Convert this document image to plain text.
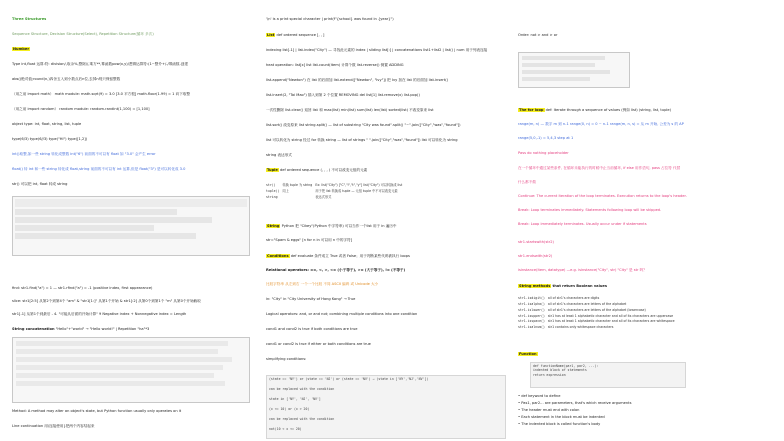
Three Structures
Sequence Structure, Decision Structure(Select), Repetition Structure(循环 多次)
Number
Type int,float 运算:符: division/,取余%,整除//,乘方**,幂函数pow(x,y)/逻辑运算符:(1~整介+/-/幂函数-创建
abs()绝对值;round(n,)四舍五入到小数点后n位,去掉n则只保留整数
（用之前 import math） math module: math.sqrt(9) = 3.0 [3.0 平方根] math.floor(1.99) = 1 向下取整
（用之前 import random） random module: random.randint(1,100) = [1,100]
object type: int, float, string, list, tuple
type(6/3) type(6//3) type("Hi") type([1,2])
int()取整,如一些 string 转化成整数 int("6") 前面的不可以有 float 如 "3.0" 会产生 error
float() 转 int 和一些 string 转化成 float,string 前面的不可以有 int 运算,但是 float("3") 是可以转化成 3.0
str() 可以把 int, float 转成 string
find: str1.find("a") = 1 — str1.rfind("a") = -1 (positive index, first appearance)
slice: str1[2:5] 从第2个到第4个 "am" & "str1[1:]" 从第1个开始 & str1[:2] 从第0个到第1个 "m" 从第0个开始截取
str1[-1] 从第1个到最后 - 4. "可能从后面的开始计算" 9 Negative index + Nonnegative index = Length
String concatenation "Hello"+"world" → "Hello world!" | Repetition "ha"*3
Method: A method may alter an object's state, but Python function usually only operates on it
Line continuation 用\连接使用}把两个内容结起来
'\n' is a print special character | print(f"{school} was found in {year}")
List def ordered sequence [, , ]
indexing list[-1] | list.index("City") — 寻找此元素的 index | sliding list[:] | concatenations list1+list2 | list() | num 用于列表连接
heat operation: list[x] list list.count(item) 计算个数 list.reverse() 倒置 ADDING
list.append("Newton") 在 list 的后面加 list.extend(["Newton", "Ivy"]) 把 Ivy 加在 list 的后面加 list.insert()
list.insert(2, "Tai Mao") 插入到第 2 个位置 REMOVING del list[1] list.remove(x) list.pop()
一次性删除 list.clear() 返回 list 和 max(list) min(list) sum(list) len(list) sorted(list) 不改变原来 list
list.sort() 改变原来 list string.split() — list of substring "City was found".split() "~".join(["City","was","found"])
list 可以转化为 string 经过 for 转换 string — list of strings " ".join(["City","was","found"]) list 可以转化为 string
string 表达形式
Tuple def ordered sequence (, , , ) 不可以改变元组的元素
str()	转换 tuple 为 string	Ex: list("City") ["C","i","t","y"] list("City") 可以转换成 list
tuple()	同上	用于把 list 转换成 tuple — 元组 tuple 中不可以改变元素
string		表达式形式
String Python 把 "Cikey"(Python 中字符串) 可以当作一个list 用于 in 遍历中
str="Spam & eggs" [n for n in 可以用 n 中的字符]
Conditions def evaluate 条件成立 True 或者 False；用于判断某些代码被执行 loops
Relational operators: ==, <, >, <= (小于等于), >= (大于等于), != (不等于)
比较字符串 从左到右 一个一个比较 不同 ASCII 编码 或 Unicode 大小
in: "City" in "City University of Hong Kong" → True
Logical operators: and, or and not; combining multiple conditions into one condition
cond1 and cond2 is true if both conditions are true
cond1 or cond2 is true if either or both conditions are true
simplifying conditions:
(state == 'NY') or (state == 'NJ') or (state == 'NV') → (state in ['NY','NJ','NV'])
can be replaced with the condition
state in ['NY', 'NJ', 'NV']
(x <= 10) or (x > 20)
can be replaced with the condition
not(10 < x <= 20)
Order: not > and > or
The for loop def: Iterate through a sequence of values (例如 list) (string, list, tuple)
range(m, n) — 数字 m 到 n-1 range(0, n) = 0 ~ n-1 range(m, n, s) = 从 m 开始, 公差为 s 的 AP
range(5,0,-1) = 5,4,3 step at 1
Pass do nothing placeholder
在一个循环中通过某些条件, 在循环未能执行的时候中止当前循环, if else 用作语句, pass 占位符 代替
什么都不做
Continue: The current iteration of the loop terminates. Execution returns to the loop's header.
Break: Loop terminates immediately. Statements following loop will be skipped.
Break: Loop immediately terminates. Usually occur under if statements
str1.startswith(str2)
str1.endswith(str2)
isinstance(item, datatype) —e.g. isinstance("City", str) "City" 是 str 吗？
String methods that return Boolean values
str1.isdigit()	all of str1's characters are digits
str1.isalpha()	all of str1's characters are letters of the alphabet
str1.islower()	all of str1's characters are letters of the alphabet (lowercase)
str1.isupper()	str1 has at least 1 alphabetic character and all of its characters are uppercase
str1.isspace()	str1 has at least 1 alphabetic character and all of its characters are whitespace
str1.isalnum()	str1 contains only whitespace characters
Function
def functionName(par1, par2, ...):
indented block of statements
return expression
• def keyword to define
• Pas1, par2... are parameters, that's which receive arguments
• The header must end with colon
• Each statement in the block must be indented
• The indented block is called function's body
